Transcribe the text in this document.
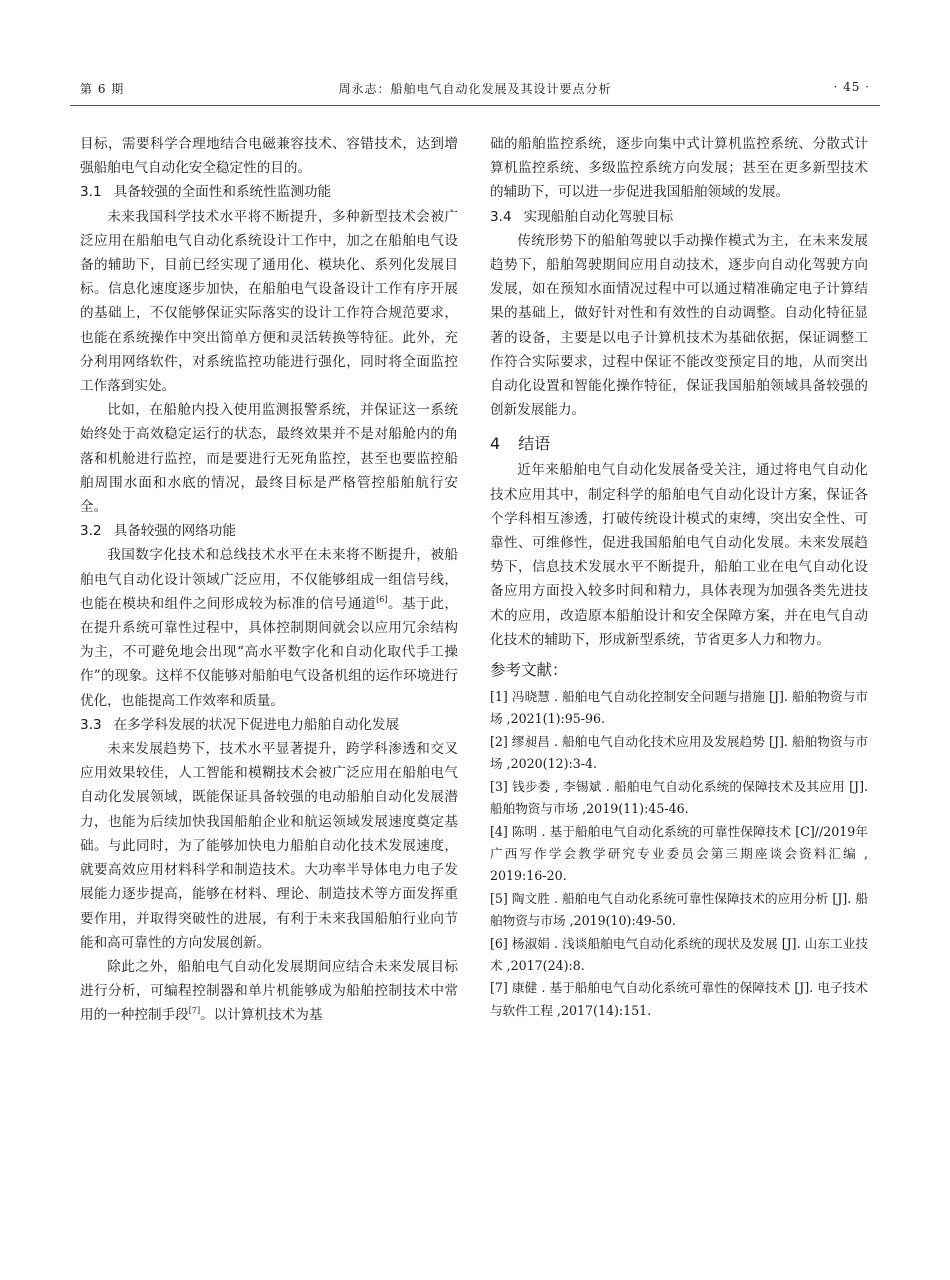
第 6 期	周永志：船舶电气自动化发展及其设计要点分析	· 45 ·

目标，需要科学合理地结合电磁兼容技术、容错技术，达到增强船舶电气自动化安全稳定性的目的。

3.1 具备较强的全面性和系统性监测功能

未来我国科学技术水平将不断提升，多种新型技术会被广泛应用在船舶电气自动化系统设计工作中，加之在船舶电气设备的辅助下，目前已经实现了通用化、模块化、系列化发展目标。信息化速度逐步加快，在船舶电气设备设计工作有序开展的基础上，不仅能够保证实际落实的设计工作符合规范要求，也能在系统操作中突出简单方便和灵活转换等特征。此外，充分利用网络软件，对系统监控功能进行强化，同时将全面监控工作落到实处。

比如，在船舱内投入使用监测报警系统，并保证这一系统始终处于高效稳定运行的状态，最终效果并不是对船舱内的角落和机舱进行监控，而是要进行无死角监控，甚至也要监控船舶周围水面和水底的情况，最终目标是严格管控船舶航行安全。

3.2 具备较强的网络功能

我国数字化技术和总线技术水平在未来将不断提升，被船舶电气自动化设计领域广泛应用，不仅能够组成一组信号线，也能在模块和组件之间形成较为标准的信号通道[6]。基于此，在提升系统可靠性过程中，具体控制期间就会以应用冗余结构为主，不可避免地会出现“高水平数字化和自动化取代手工操作”的现象。这样不仅能够对船舶电气设备机组的运作环境进行优化，也能提高工作效率和质量。

3.3 在多学科发展的状况下促进电力船舶自动化发展

未来发展趋势下，技术水平显著提升，跨学科渗透和交叉应用效果较佳，人工智能和模糊技术会被广泛应用在船舶电气自动化发展领域，既能保证具备较强的电动船舶自动化发展潜力，也能为后续加快我国船舶企业和航运领域发展速度奠定基础。与此同时，为了能够加快电力船舶自动化技术发展速度，就要高效应用材料科学和制造技术。大功率半导体电力电子发展能力逐步提高，能够在材料、理论、制造技术等方面发挥重要作用，并取得突破性的进展，有利于未来我国船舶行业向节能和高可靠性的方向发展创新。

除此之外，船舶电气自动化发展期间应结合未来发展目标进行分析，可编程控制器和单片机能够成为船舶控制技术中常用的一种控制手段[7]。以计算机技术为基

础的船舶监控系统，逐步向集中式计算机监控系统、分散式计算机监控系统、多级监控系统方向发展；甚至在更多新型技术的辅助下，可以进一步促进我国船舶领域的发展。

3.4 实现船舶自动化驾驶目标

传统形势下的船舶驾驶以手动操作模式为主，在未来发展趋势下，船舶驾驶期间应用自动技术，逐步向自动化驾驶方向发展，如在预知水面情况过程中可以通过精准确定电子计算结果的基础上，做好针对性和有效性的自动调整。自动化特征显著的设备，主要是以电子计算机技术为基础依据，保证调整工作符合实际要求，过程中保证不能改变预定目的地，从而突出自动化设置和智能化操作特征，保证我国船舶领域具备较强的创新发展能力。

4 结语

近年来船舶电气自动化发展备受关注，通过将电气自动化技术应用其中，制定科学的船舶电气自动化设计方案，保证各个学科相互渗透，打破传统设计模式的束缚，突出安全性、可靠性、可维修性，促进我国船舶电气自动化发展。未来发展趋势下，信息技术发展水平不断提升，船舶工业在电气自动化设备应用方面投入较多时间和精力，具体表现为加强各类先进技术的应用，改造原本船舶设计和安全保障方案，并在电气自动化技术的辅助下，形成新型系统，节省更多人力和物力。

参考文献：
[1] 冯晓慧 . 船舶电气自动化控制安全问题与措施 [J]. 船舶物资与市场 ,2021(1):95-96.
[2] 缪昶昌 . 船舶电气自动化技术应用及发展趋势 [J]. 船舶物资与市场 ,2020(12):3-4.
[3] 钱步娄 , 李锡斌 . 船舶电气自动化系统的保障技术及其应用 [J]. 船舶物资与市场 ,2019(11):45-46.
[4] 陈明 . 基于船舶电气自动化系统的可靠性保障技术 [C]//2019年广西写作学会教学研究专业委员会第三期座谈会资料汇编 , 2019:16-20.
[5] 陶文胜 . 船舶电气自动化系统可靠性保障技术的应用分析 [J]. 船舶物资与市场 ,2019(10):49-50.
[6] 杨淑娟 . 浅谈船舶电气自动化系统的现状及发展 [J]. 山东工业技术 ,2017(24):8.
[7] 康健 . 基于船舶电气自动化系统可靠性的保障技术 [J]. 电子技术与软件工程 ,2017(14):151.
